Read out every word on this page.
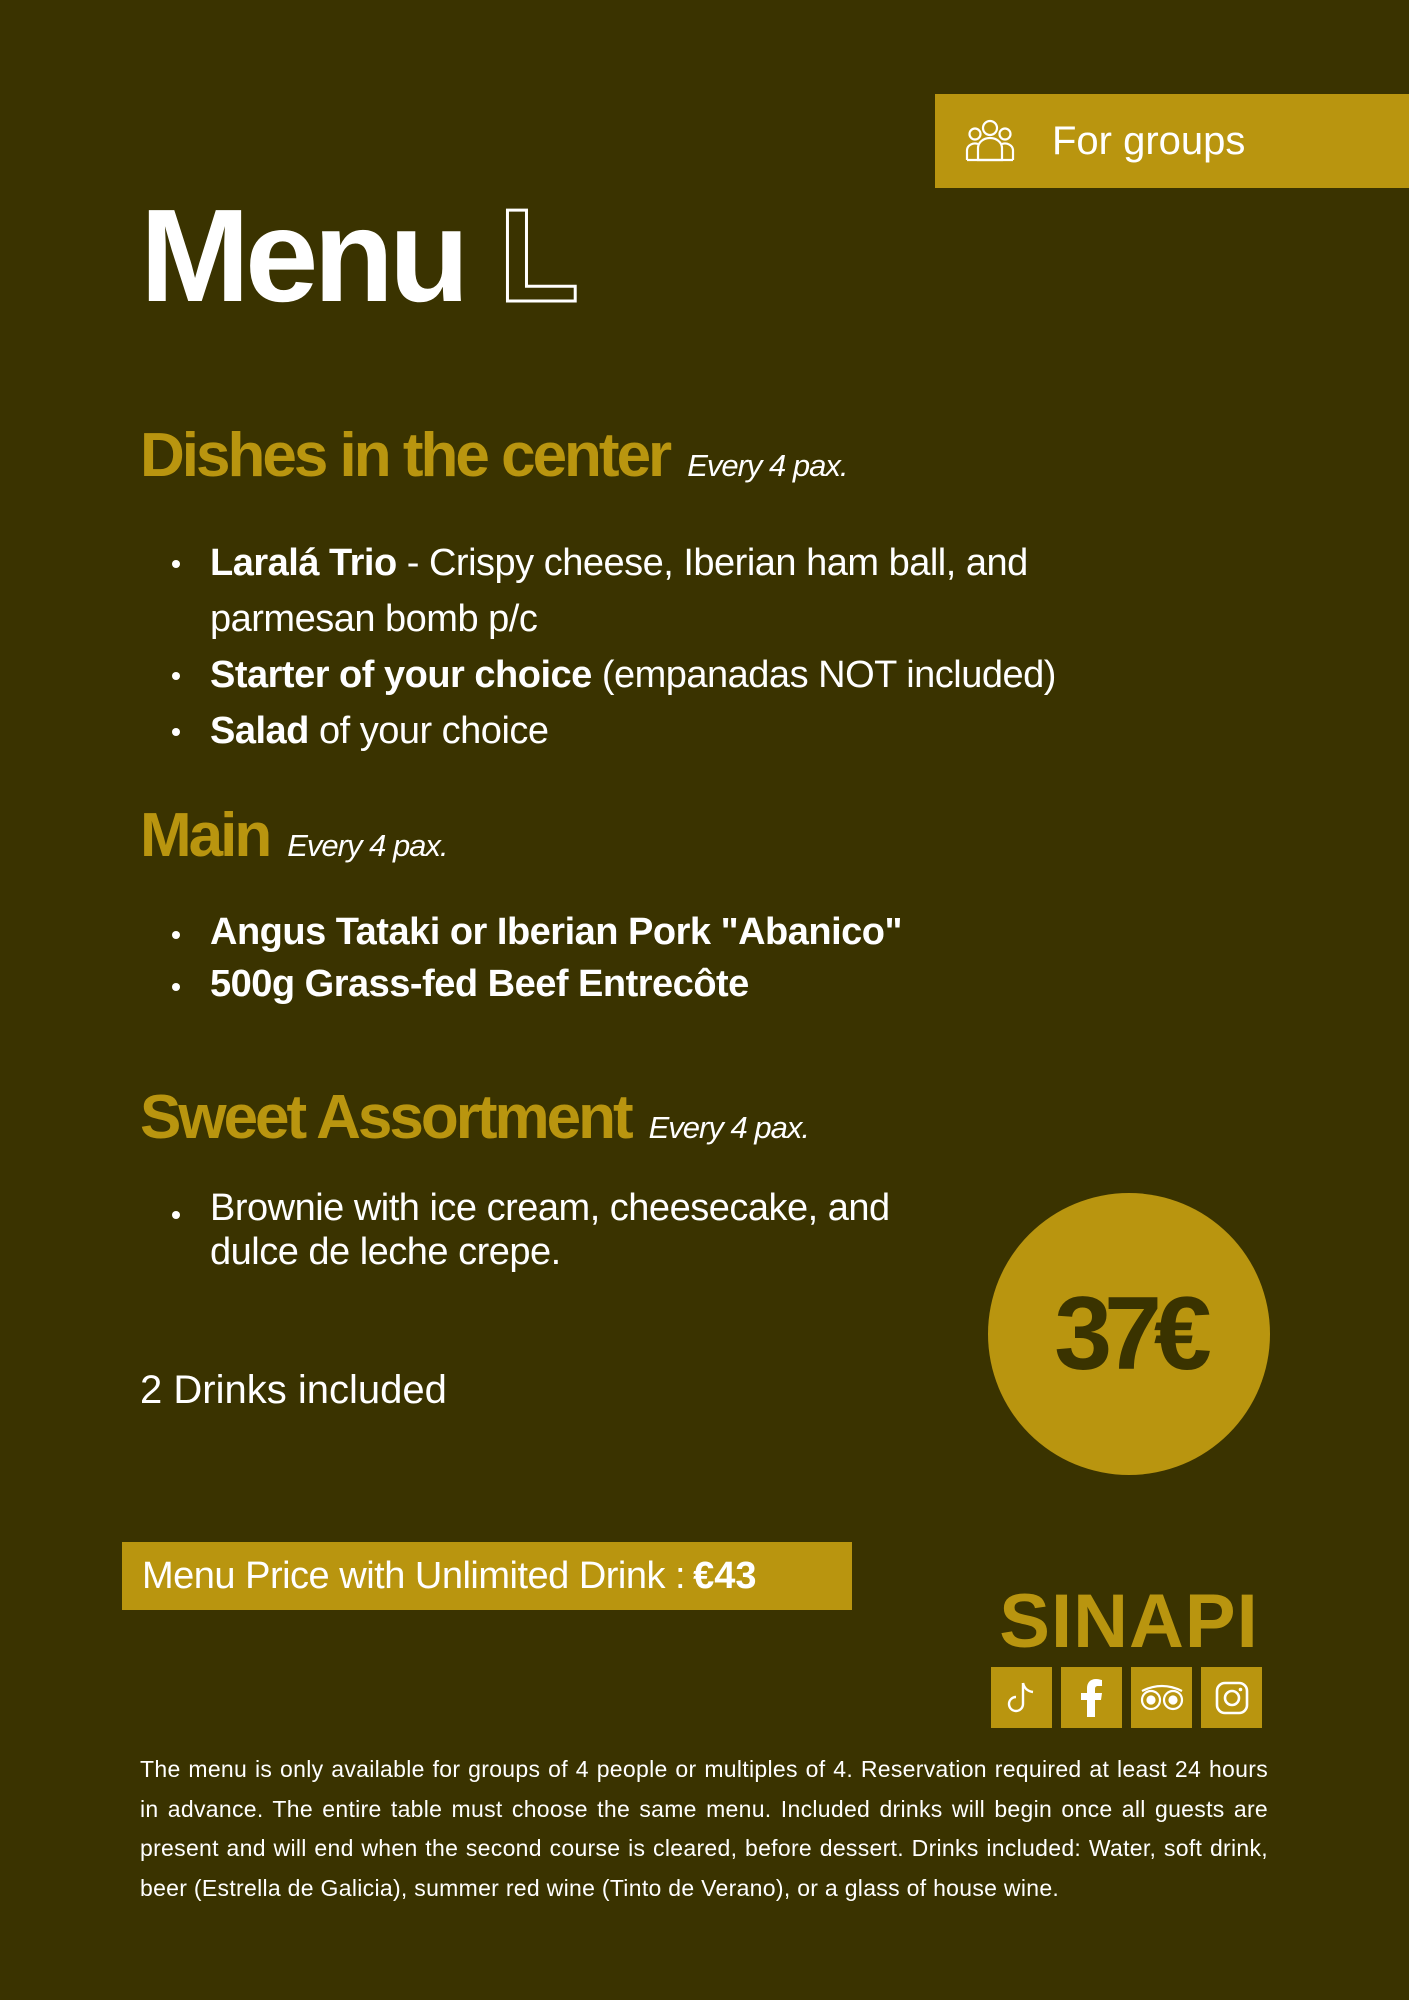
For groups
Menu L
Dishes in the center Every 4 pax.
Laralá Trio - Crispy cheese, Iberian ham ball, and parmesan bomb p/c
Starter of your choice (empanadas NOT included)
Salad of your choice
Main Every 4 pax.
Angus Tataki or Iberian Pork "Abanico"
500g Grass-fed Beef Entrecôte
Sweet Assortment Every 4 pax.
Brownie with ice cream, cheesecake, and dulce de leche crepe.
2 Drinks included	37€
Menu Price with Unlimited Drink : €43
SINAPI
The menu is only available for groups of 4 people or multiples of 4. Reservation required at least 24 hours in advance. The entire table must choose the same menu. Included drinks will begin once all guests are present and will end when the second course is cleared, before dessert. Drinks included: Water, soft drink, beer (Estrella de Galicia), summer red wine (Tinto de Verano), or a glass of house wine.
